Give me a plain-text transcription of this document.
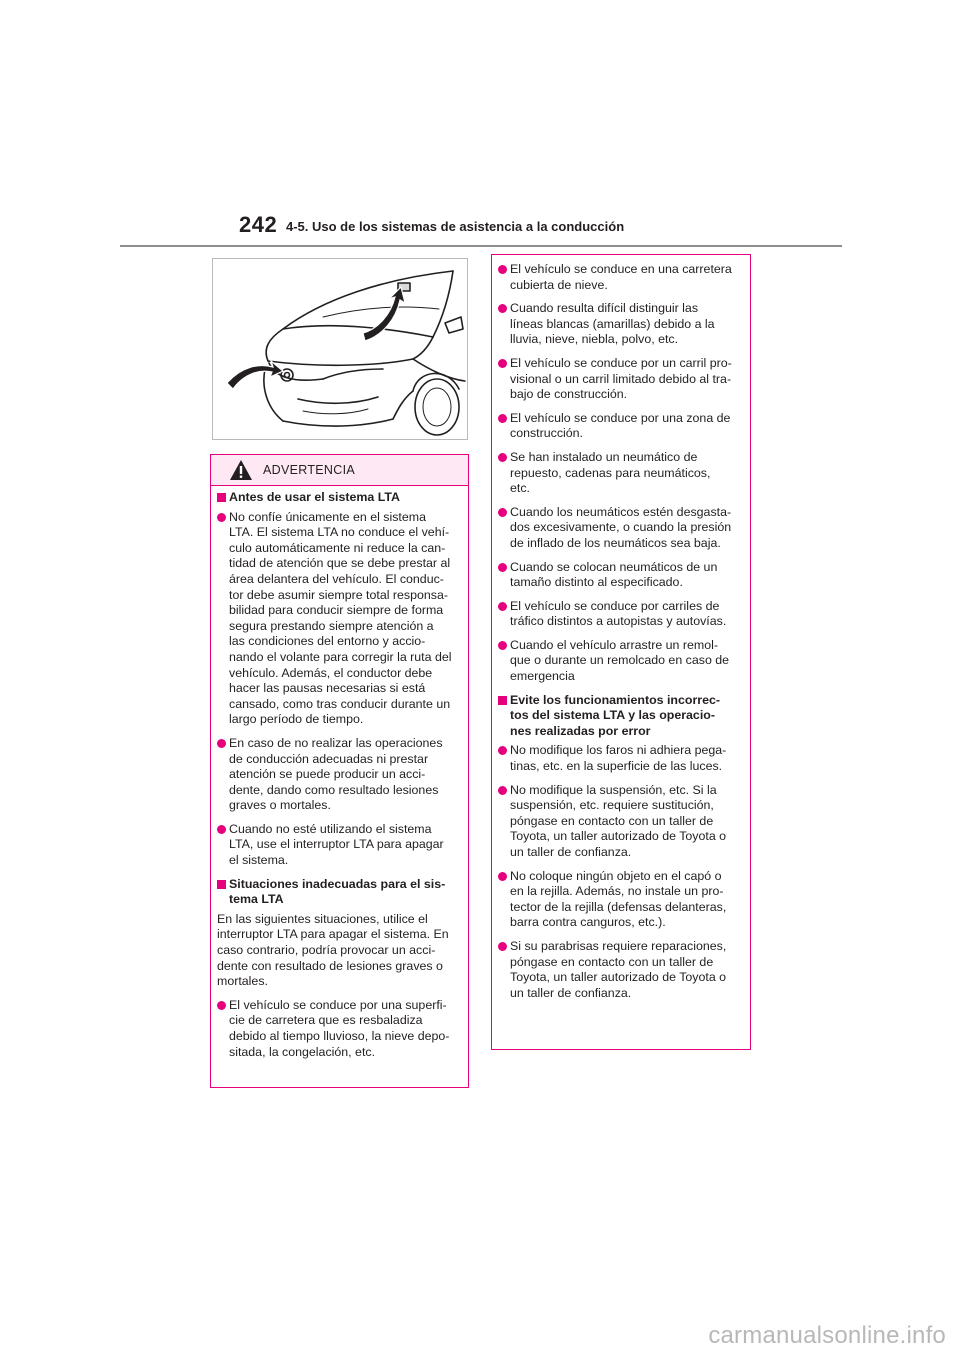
242 4-5. Uso de los sistemas de asistencia a la conducción
ADVERTENCIA
Antes de usar el sistema LTA
No confíe únicamente en el sistema
LTA. El sistema LTA no conduce el vehí-
culo automáticamente ni reduce la can-
tidad de atención que se debe prestar al
área delantera del vehículo. El conduc-
tor debe asumir siempre total responsa-
bilidad para conducir siempre de forma
segura prestando siempre atención a
las condiciones del entorno y accio-
nando el volante para corregir la ruta del
vehículo. Además, el conductor debe
hacer las pausas necesarias si está
cansado, como tras conducir durante un
largo período de tiempo.
En caso de no realizar las operaciones
de conducción adecuadas ni prestar
atención se puede producir un acci-
dente, dando como resultado lesiones
graves o mortales.
Cuando no esté utilizando el sistema
LTA, use el interruptor LTA para apagar
el sistema.
Situaciones inadecuadas para el sis-
tema LTA
En las siguientes situaciones, utilice el
interruptor LTA para apagar el sistema. En
caso contrario, podría provocar un acci-
dente con resultado de lesiones graves o
mortales.
El vehículo se conduce por una superfi-
cie de carretera que es resbaladiza
debido al tiempo lluvioso, la nieve depo-
sitada, la congelación, etc.
El vehículo se conduce en una carretera
cubierta de nieve.
Cuando resulta difícil distinguir las
líneas blancas (amarillas) debido a la
lluvia, nieve, niebla, polvo, etc.
El vehículo se conduce por un carril pro-
visional o un carril limitado debido al tra-
bajo de construcción.
El vehículo se conduce por una zona de
construcción.
Se han instalado un neumático de
repuesto, cadenas para neumáticos,
etc.
Cuando los neumáticos estén desgasta-
dos excesivamente, o cuando la presión
de inflado de los neumáticos sea baja.
Cuando se colocan neumáticos de un
tamaño distinto al especificado.
El vehículo se conduce por carriles de
tráfico distintos a autopistas y autovías.
Cuando el vehículo arrastre un remol-
que o durante un remolcado en caso de
emergencia
Evite los funcionamientos incorrec-
tos del sistema LTA y las operacio-
nes realizadas por error
No modifique los faros ni adhiera pega-
tinas, etc. en la superficie de las luces.
No modifique la suspensión, etc. Si la
suspensión, etc. requiere sustitución,
póngase en contacto con un taller de
Toyota, un taller autorizado de Toyota o
un taller de confianza.
No coloque ningún objeto en el capó o
en la rejilla. Además, no instale un pro-
tector de la rejilla (defensas delanteras,
barra contra canguros, etc.).
Si su parabrisas requiere reparaciones,
póngase en contacto con un taller de
Toyota, un taller autorizado de Toyota o
un taller de confianza.
carmanualsonline.info
